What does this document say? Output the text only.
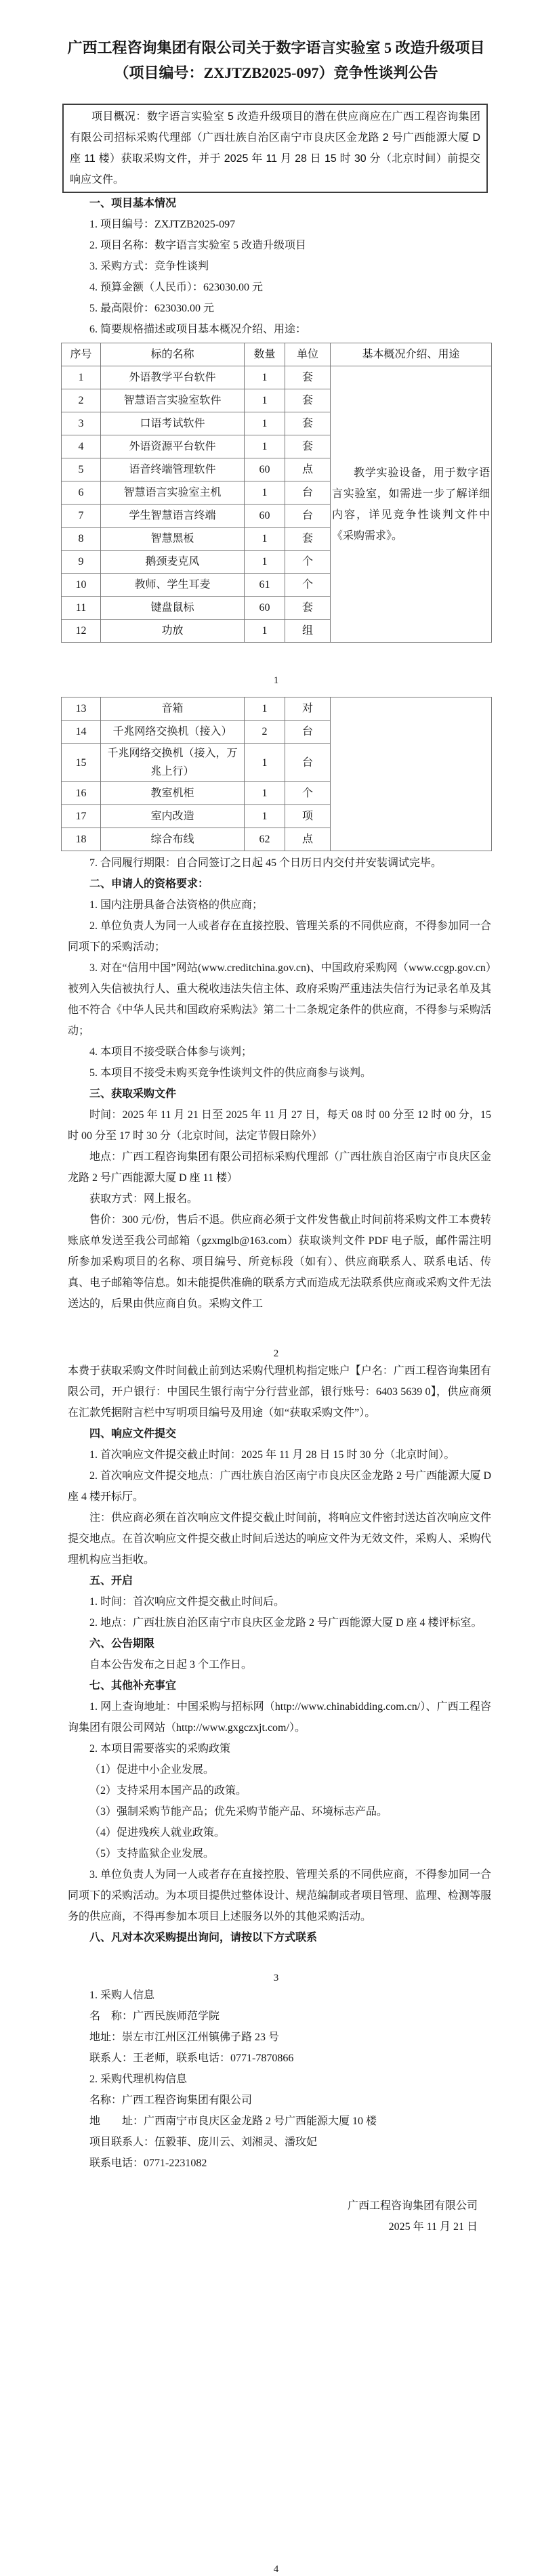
广西工程咨询集团有限公司关于数字语言实验室 5 改造升级项目
（项目编号：ZXJTZB2025-097）竞争性谈判公告

项目概况：数字语言实验室 5 改造升级项目的潜在供应商应在广西工程咨询集团有限公司招标采购代理部（广西壮族自治区南宁市良庆区金龙路 2 号广西能源大厦 D 座 11 楼）获取采购文件，并于 2025 年 11 月 28 日 15 时 30 分（北京时间）前提交响应文件。

一、项目基本情况

1. 项目编号：ZXJTZB2025-097

2. 项目名称：数字语言实验室 5 改造升级项目

3. 采购方式：竞争性谈判

4. 预算金额（人民币）：623030.00 元

5. 最高限价：623030.00 元

6. 简要规格描述或项目基本概况介绍、用途：

序号	标的名称	数量	单位	基本概况介绍、用途
1	外语教学平台软件	1	套	教学实验设备，用于数字语言实验室，如需进一步了解详细内容，详见竞争性谈判文件中《采购需求》。

2	智慧语言实验室软件	1	套	
3	口语考试软件	1	套	
4	外语资源平台软件	1	套	
5	语音终端管理软件	60	点	
6	智慧语言实验室主机	1	台	
7	学生智慧语言终端	60	台	
8	智慧黑板	1	套	
9	鹅颈麦克风	1	个	
10	教师、学生耳麦	61	个	
11	键盘鼠标	60	套	
12	功放	1	组	

1

13	音箱	1	对	
14	千兆网络交换机（接入）	2	台	
15	千兆网络交换机（接入，万兆上行）	1	台	
16	教室机柜	1	个	
17	室内改造	1	项	
18	综合布线	62	点	

7. 合同履行期限：自合同签订之日起 45 个日历日内交付并安装调试完毕。

二、申请人的资格要求：

1. 国内注册具备合法资格的供应商；

2. 单位负责人为同一人或者存在直接控股、管理关系的不同供应商，不得参加同一合同项下的采购活动；

3. 对在“信用中国”网站(www.creditchina.gov.cn)、中国政府采购网（www.ccgp.gov.cn）被列入失信被执行人、重大税收违法失信主体、政府采购严重违法失信行为记录名单及其他不符合《中华人民共和国政府采购法》第二十二条规定条件的供应商，不得参与采购活动；

4. 本项目不接受联合体参与谈判；

5. 本项目不接受未购买竞争性谈判文件的供应商参与谈判。

三、获取采购文件

时间：2025 年 11 月 21 日至 2025 年 11 月 27 日，每天 08 时 00 分至 12 时 00 分，15 时 00 分至 17 时 30 分（北京时间，法定节假日除外）

地点：广西工程咨询集团有限公司招标采购代理部（广西壮族自治区南宁市良庆区金龙路 2 号广西能源大厦 D 座 11 楼）

获取方式：网上报名。

售价：300 元/份，售后不退。供应商必须于文件发售截止时间前将采购文件工本费转账底单发送至我公司邮箱（gzxmglb@163.com）获取谈判文件 PDF 电子版，邮件需注明所参加采购项目的名称、项目编号、所竞标段（如有）、供应商联系人、联系电话、传真、电子邮箱等信息。如未能提供准确的联系方式而造成无法联系供应商或采购文件无法送达的，后果由供应商自负。采购文件工

2

本费于获取采购文件时间截止前到达采购代理机构指定账户【户名：广西工程咨询集团有限公司，开户银行：中国民生银行南宁分行营业部，银行账号：6403 5639 0】，供应商须在汇款凭据附言栏中写明项目编号及用途（如“获取采购文件”）。

四、响应文件提交

1. 首次响应文件提交截止时间：2025 年 11 月 28 日 15 时 30 分（北京时间）。

2. 首次响应文件提交地点：广西壮族自治区南宁市良庆区金龙路 2 号广西能源大厦 D 座 4 楼开标厅。

注：供应商必须在首次响应文件提交截止时间前，将响应文件密封送达首次响应文件提交地点。在首次响应文件提交截止时间后送达的响应文件为无效文件，采购人、采购代理机构应当拒收。

五、开启

1. 时间：首次响应文件提交截止时间后。

2. 地点：广西壮族自治区南宁市良庆区金龙路 2 号广西能源大厦 D 座 4 楼评标室。

六、公告期限

自本公告发布之日起 3 个工作日。

七、其他补充事宜

1. 网上查询地址：中国采购与招标网（http://www.chinabidding.com.cn/）、广西工程咨询集团有限公司网站（http://www.gxgczxjt.com/）。

2. 本项目需要落实的采购政策

（1）促进中小企业发展。

（2）支持采用本国产品的政策。

（3）强制采购节能产品；优先采购节能产品、环境标志产品。

（4）促进残疾人就业政策。

（5）支持监狱企业发展。

3. 单位负责人为同一人或者存在直接控股、管理关系的不同供应商，不得参加同一合同项下的采购活动。为本项目提供过整体设计、规范编制或者项目管理、监理、检测等服务的供应商，不得再参加本项目上述服务以外的其他采购活动。

八、凡对本次采购提出询问，请按以下方式联系

3

1. 采购人信息

名　称：广西民族师范学院

地址：崇左市江州区江州镇佛子路 23 号

联系人：王老师，联系电话：0771-7870866

2. 采购代理机构信息

名称：广西工程咨询集团有限公司

地　　址：广西南宁市良庆区金龙路 2 号广西能源大厦 10 楼

项目联系人：伍毅菲、庞川云、刘湘灵、潘玫妃

联系电话：0771-2231082

广西工程咨询集团有限公司

2025 年 11 月 21 日

4
